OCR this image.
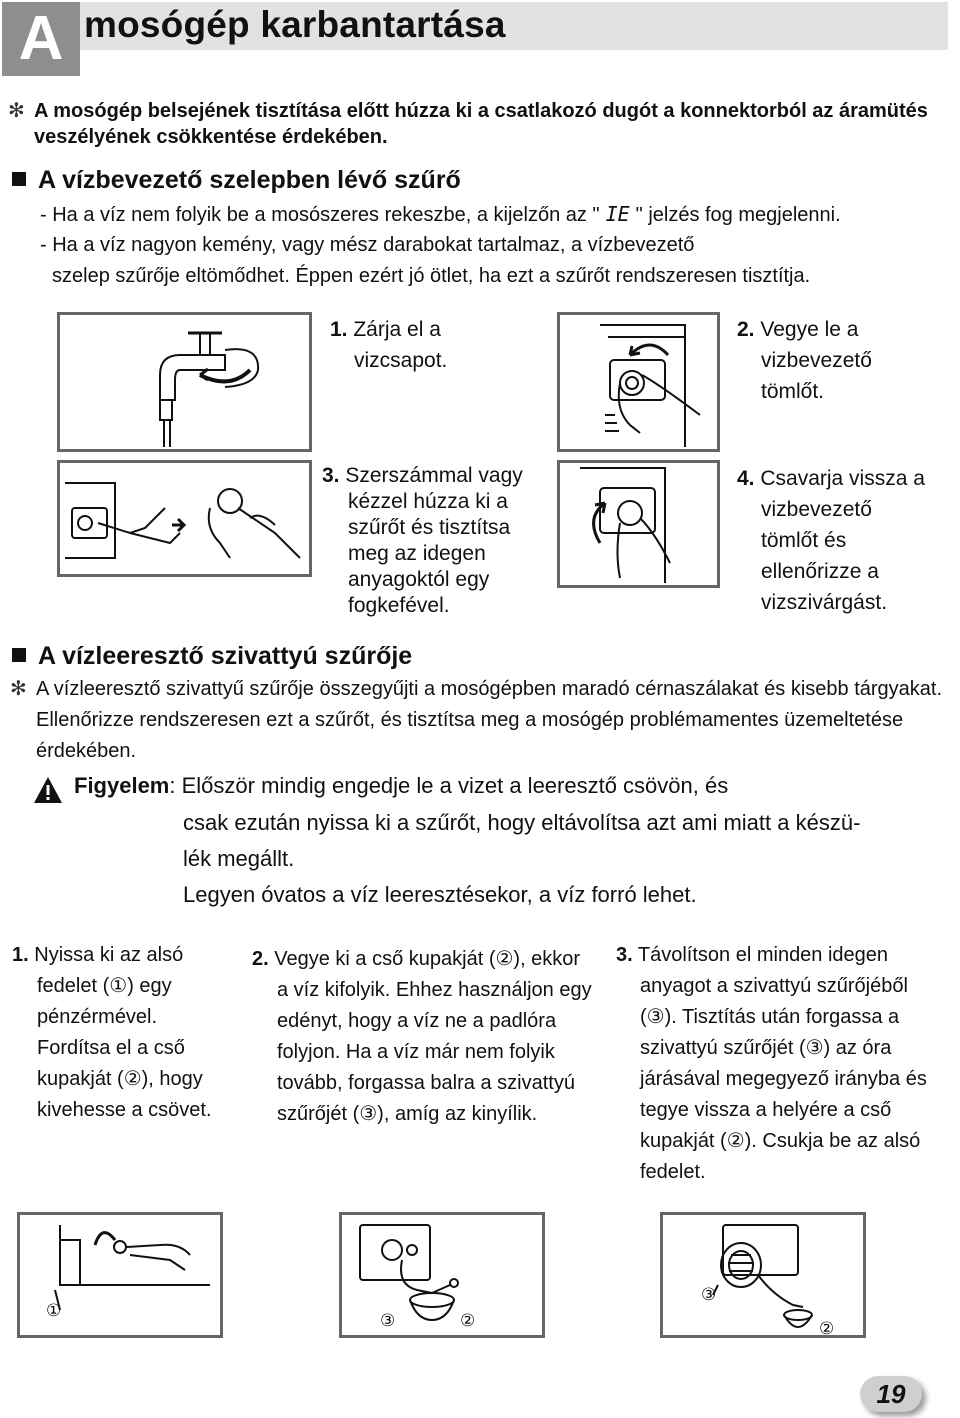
A mosógép karbantartása
✻ A mosógép belsejének tisztítása előtt húzza ki a csatlakozó dugót a konnektorból az áramütés
veszélyének csökkentése érdekében.
A vízbevezető szelepben lévő szűrő
- Ha a víz nem folyik be a mosószeres rekeszbe, a kijelzőn az " IE " jelzés fog megjelenni.
- Ha a víz nagyon kemény, vagy mész darabokat tartalmaz, a vízbevezető
szelep szűrője eltömődhet. Éppen ezért jó ötlet, ha ezt a szűrőt rendszeresen tisztítja.
1. Zárja el a
vizcsapot.
2. Vegye le a
vizbevezető
tömlőt.
3. Szerszámmal vagy
kézzel húzza ki a
szűrőt és tisztítsa
meg az idegen
anyagoktól egy
fogkefével.
4. Csavarja vissza a
vizbevezető
tömlőt és
ellenőrizze a
vizszivárgást.
A vízleeresztő szivattyú szűrője
✻ A vízleeresztő szivattyű szűrője összegyűjti a mosógépben maradó cérnaszálakat és kisebb tárgyakat.
Ellenőrizze rendszeresen ezt a szűrőt, és tisztítsa meg a mosógép problémamentes üzemeltetése
érdekében.
Figyelem: Először mindig engedje le a vizet a leeresztő csövön, és
csak ezután nyissa ki a szűrőt, hogy eltávolítsa azt ami miatt a készü-
lék megállt.
Legyen óvatos a víz leeresztésekor, a víz forró lehet.
1. Nyissa ki az alsó
fedelet (①) egy
pénzérmével.
Fordítsa el a cső
kupakját (②), hogy
kivehesse a csövet.
2. Vegye ki a cső kupakját (②), ekkor
a víz kifolyik. Ehhez használjon egy
edényt, hogy a víz ne a padlóra
folyjon. Ha a víz már nem folyik
tovább, forgassa balra a szivattyú
szűrőjét (③), amíg az kinyílik.
3. Távolítson el minden idegen
anyagot a szivattyú szűrőjéből
(③). Tisztítás után forgassa a
szivattyú szűrőjét (③) az óra
járásával megegyező irányba és
tegye vissza a helyére a cső
kupakját (②). Csukja be az alsó
fedelet.
①
③	②
③
②
19
